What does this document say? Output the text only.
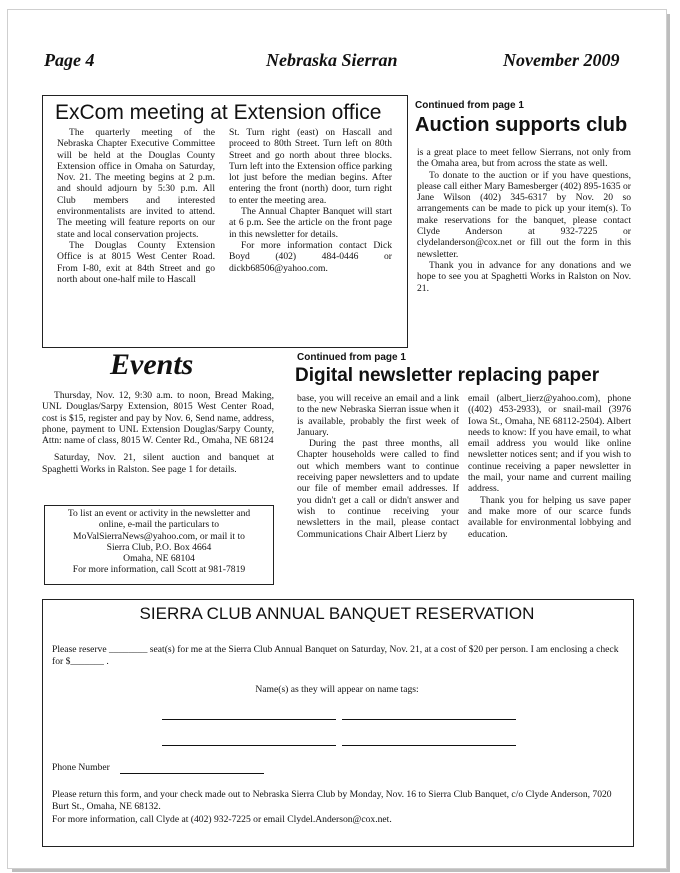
Page 4	Nebraska Sierran	November 2009
ExCom meeting at Extension office

The quarterly meeting of the Nebraska Chapter Executive Committee will be held at the Douglas County Extension office in Omaha on Saturday, Nov. 21. The meeting begins at 2 p.m. and should adjourn by 5:30 p.m. All Club members and interested environmentalists are invited to attend. The meeting will feature reports on our state and local conservation projects.

The Douglas County Extension Office is at 8015 West Center Road. From I-80, exit at 84th Street and go north about one-half mile to Hascall

St. Turn right (east) on Hascall and proceed to 80th Street. Turn left on 80th Street and go north about three blocks. Turn left into the Extension office parking lot just before the median begins. After entering the front (north) door, turn right to enter the meeting area.

The Annual Chapter Banquet will start at 6 p.m. See the article on the front page in this newsletter for details.

For more information contact Dick Boyd (402) 484-0446 or dickb68506@yahoo.com.

Continued from page 1
Auction supports club

is a great place to meet fellow Sierrans, not only from the Omaha area, but from across the state as well.

To donate to the auction or if you have questions, please call either Mary Bamesberger (402) 895-1635 or Jane Wilson (402) 345-6317 by Nov. 20 so arrangements can be made to pick up your item(s). To make reservations for the banquet, please contact Clyde Anderson at 932-7225 or clydelanderson@cox.net or fill out the form in this newsletter.

Thank you in advance for any donations and we hope to see you at Spaghetti Works in Ralston on Nov. 21.

Events

Thursday, Nov. 12, 9:30 a.m. to noon, Bread Making, UNL Douglas/Sarpy Extension, 8015 West Center Road, cost is $15, register and pay by Nov. 6, Send name, address, phone, payment to UNL Extension Douglas/Sarpy County, Attn: name of class, 8015 W. Center Rd., Omaha, NE 68124

Saturday, Nov. 21, silent auction and banquet at Spaghetti Works in Ralston. See page 1 for details.

To list an event or activity in the newsletter and
online, e-mail the particulars to
MoValSierraNews@yahoo.com, or mail it to
Sierra Club, P.O. Box 4664
Omaha, NE 68104
For more information, call Scott at 981-7819
Continued from page 1
Digital newsletter replacing paper

base, you will receive an email and a link to the new Nebraska Sierran issue when it is available, probably the first week of January.

During the past three months, all Chapter households were called to find out which members want to continue receiving paper newsletters and to update our file of member email addresses. If you didn't get a call or didn't answer and wish to continue receiving your newsletters in the mail, please contact Communications Chair Albert Lierz by

email (albert_lierz@yahoo.com), phone ((402) 453-2933), or snail-mail (3976 Iowa St., Omaha, NE 68112-2504). Albert needs to know: If you have email, to what email address you would like online newsletter notices sent; and if you wish to continue receiving a paper newsletter in the mail, your name and current mailing address.

Thank you for helping us save paper and make more of our scarce funds available for environmental lobbying and education.

SIERRA CLUB ANNUAL BANQUET RESERVATION
Please reserve ________ seat(s) for me at the Sierra Club Annual Banquet on Saturday, Nov. 21, at a cost of $20 per person. I am enclosing a check for $_______ .
Name(s) as they will appear on name tags:
Phone Number
Please return this form, and your check made out to Nebraska Sierra Club by Monday, Nov. 16 to Sierra Club Banquet, c/o Clyde Anderson, 7020 Burt St., Omaha, NE 68132.
For more information, call Clyde at (402) 932-7225 or email Clydel.Anderson@cox.net.
